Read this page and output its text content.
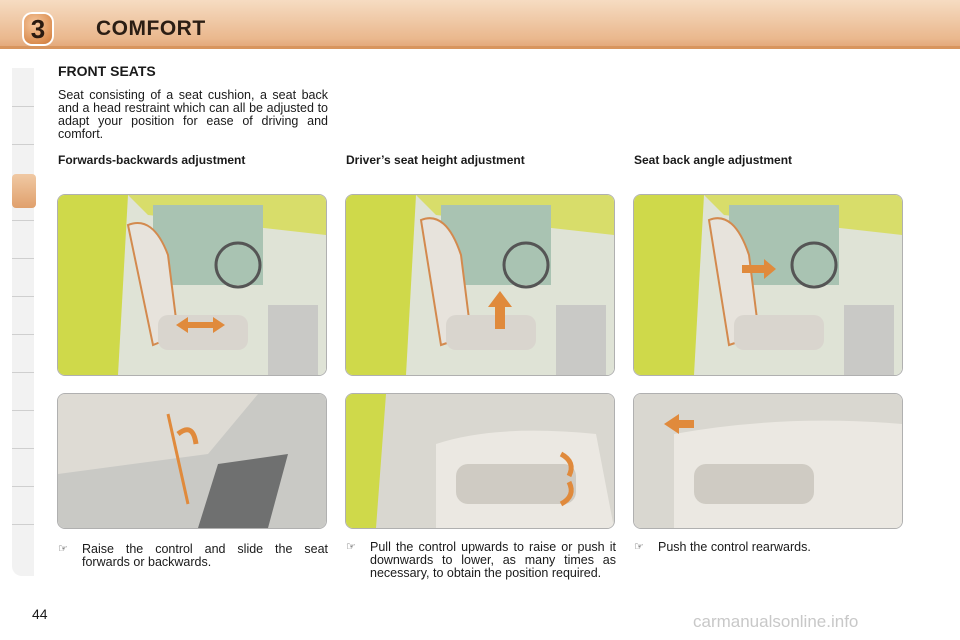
3	COMFORT
FRONT SEATS
Seat consisting of a seat cushion, a seat back and a head restraint which can all be adjusted to adapt your position for ease of driving and comfort.
Forwards-backwards adjustment	Driver’s seat height adjustment	Seat back angle adjustment
☞ Raise the control and slide the seat forwards or backwards.
☞ Pull the control upwards to raise or push it downwards to lower, as many times as necessary, to obtain the position required.
☞ Push the control rearwards.
44	carmanualsonline.info
